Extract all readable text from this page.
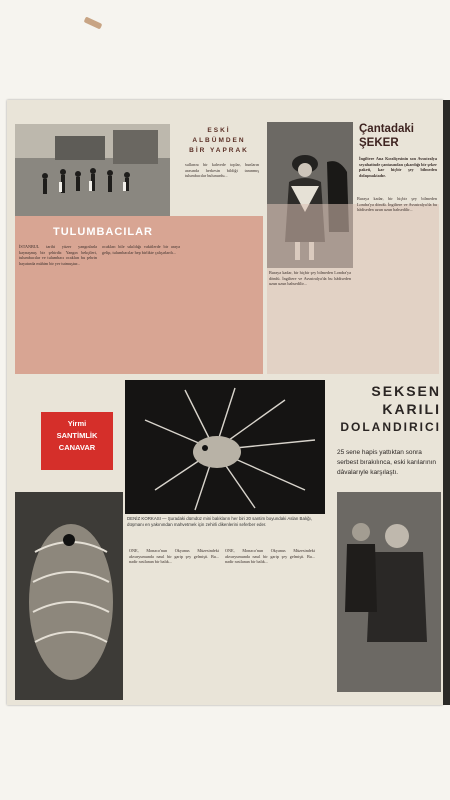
ESKİ
ALBÜMDEN
BİR YAPRAK
TULUMBACILAR

İSTANBUL tarihi yüzer yangınlarla kaynaşmış bir şehirdir. Yangın bekçileri, tulumbacılar ve tulumbacı ocakları bu şehrin hayatında mühim bir yer tutmuştur...

ocakları bile sıkıldığı vakitlerde bir araya gelip, tulumbacılar hep birlikte çalışırlardı...

sullarını bir kahvede toplar, bunların arasında herkesin bildiği tanınmış tulumbacılar bulunurdu...

Çantadaki
ŞEKER

İngiltere Ana Kıraliçesinin son Avustralya seyahatinde çantasından çıkardığı bir şeker paketi, kar hiçbir şey bilmeden dolaşmaktadır.

Buraya kadar, bir hiçbir şey bilmeden Londra'ya döndü. İngiltere ve Avustralya'da bu hâdiseden uzun uzun bahsedilir...

Buraya kadar, bir hiçbir şey bilmeden Londra'ya döndü. İngiltere ve Avustralya'da bu hâdiseden uzun uzun bahsedilir...

Yirmi
SANTİMLİK
CANAVAR
SEKSEN
KARILI
DOLANDIRICI
25 sene hapis yattıktan sonra serbest bırakılınca, eski karılarının dâvalarıyle karşılaştı.
DENİZ KORKASI — Şuradaki dümdüz mini balıkların her biri 20 santim boyundaki Aslan Balığı, düşmanı en yakınından mahvetmek için zehirli dikenlerini seferber eder.

ONE, Monaco'nun Okyanus Müzesindeki akvaryumunda nasıl bir garip şey gelmişti. Bu... nadir rastlanan bir balık...

ONE, Monaco'nun Okyanus Müzesindeki akvaryumunda nasıl bir garip şey gelmişti. Bu... nadir rastlanan bir balık...
